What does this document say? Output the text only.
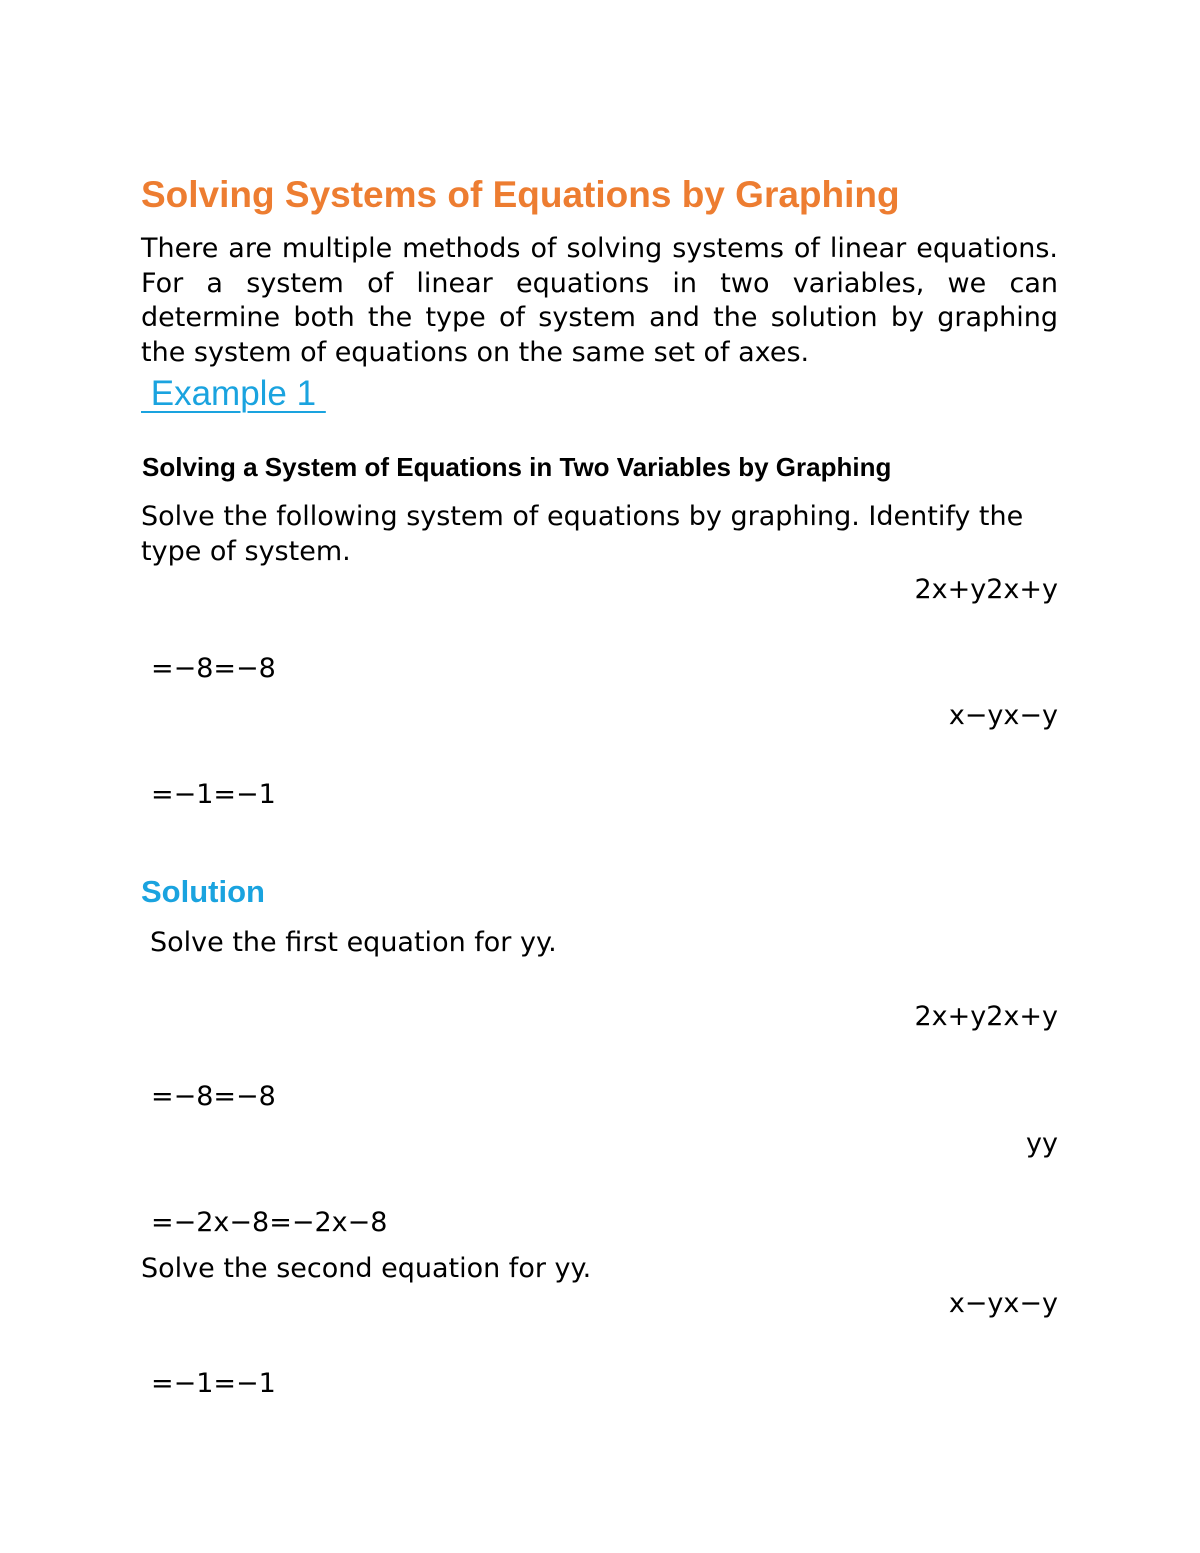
Solving Systems of Equations by Graphing

There are multiple methods of solving systems of linear equations. For a system of linear equations in two variables, we can determine both the type of system and the solution by graphing the system of equations on the same set of axes.

Example 1
Solving a System of Equations in Two Variables by Graphing

Solve the following system of equations by graphing. Identify the type of system.

2x+y2x+y
=−8=−8
x−yx−y
=−1=−1
Solution

Solve the first equation for yy.

2x+y2x+y
=−8=−8
yy
=−2x−8=−2x−8

Solve the second equation for yy.

x−yx−y
=−1=−1
